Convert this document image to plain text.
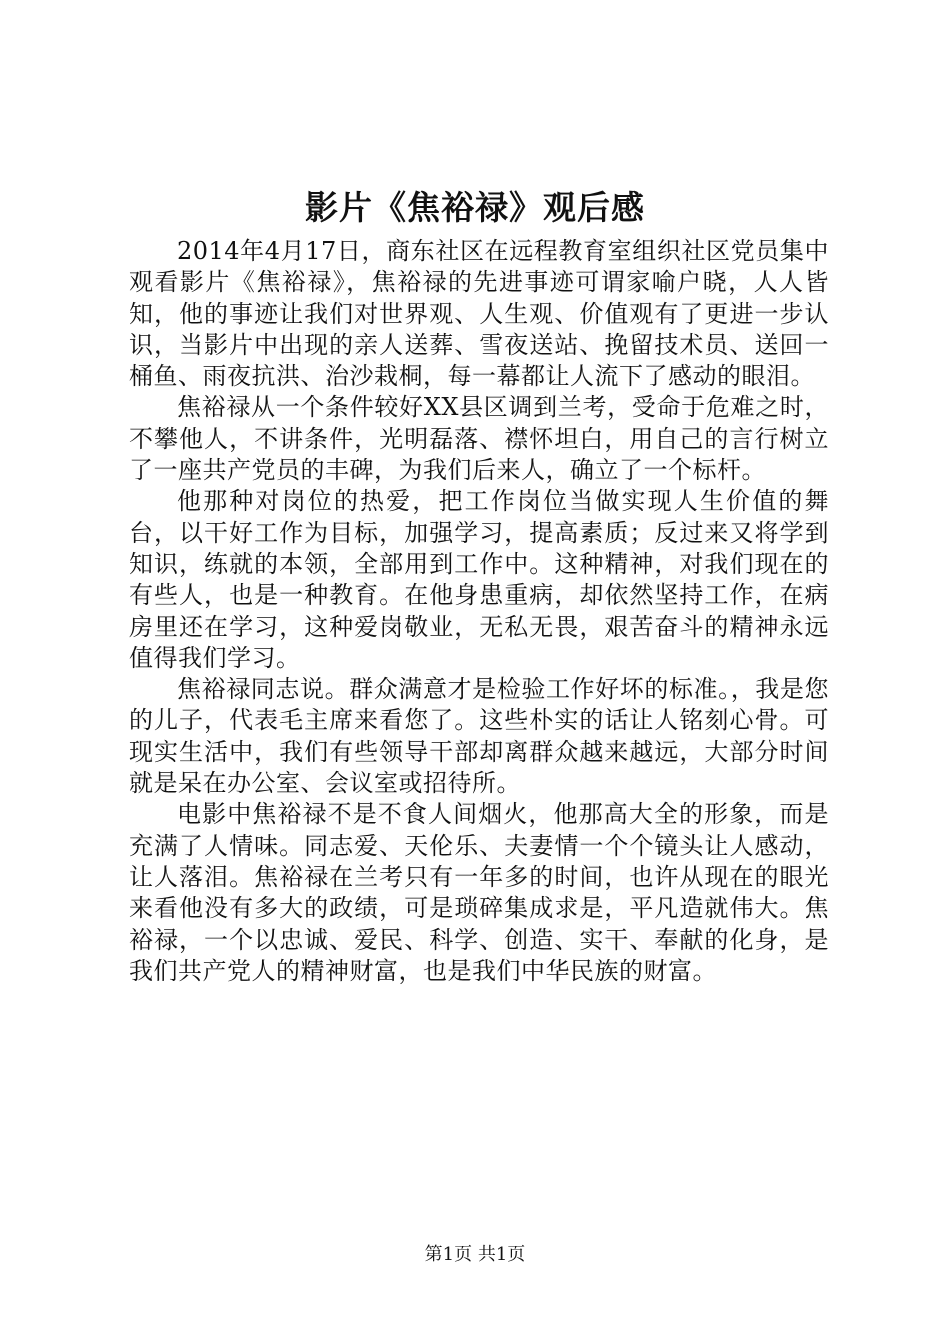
影片《焦裕禄》观后感

2014年4月17日，商东社区在远程教育室组织社区党员集中观看影片《焦裕禄》，焦裕禄的先进事迹可谓家喻户晓，人人皆知，他的事迹让我们对世界观、人生观、价值观有了更进一步认识，当影片中出现的亲人送葬、雪夜送站、挽留技术员、送回一桶鱼、雨夜抗洪、治沙栽桐，每一幕都让人流下了感动的眼泪。

焦裕禄从一个条件较好XX县区调到兰考，受命于危难之时，不攀他人，不讲条件，光明磊落、襟怀坦白，用自己的言行树立了一座共产党员的丰碑，为我们后来人，确立了一个标杆。

他那种对岗位的热爱，把工作岗位当做实现人生价值的舞台，以干好工作为目标，加强学习，提高素质；反过来又将学到知识，练就的本领，全部用到工作中。这种精神，对我们现在的有些人，也是一种教育。在他身患重病，却依然坚持工作，在病房里还在学习，这种爱岗敬业，无私无畏，艰苦奋斗的精神永远值得我们学习。

焦裕禄同志说。群众满意才是检验工作好坏的标准。，我是您的儿子，代表毛主席来看您了。这些朴实的话让人铭刻心骨。可现实生活中，我们有些领导干部却离群众越来越远，大部分时间就是呆在办公室、会议室或招待所。

电影中焦裕禄不是不食人间烟火，他那高大全的形象，而是充满了人情味。同志爱、天伦乐、夫妻情一个个镜头让人感动，让人落泪。焦裕禄在兰考只有一年多的时间，也许从现在的眼光来看他没有多大的政绩，可是琐碎集成求是，平凡造就伟大。焦裕禄，一个以忠诚、爱民、科学、创造、实干、奉献的化身，是我们共产党人的精神财富，也是我们中华民族的财富。

第1页 共1页
